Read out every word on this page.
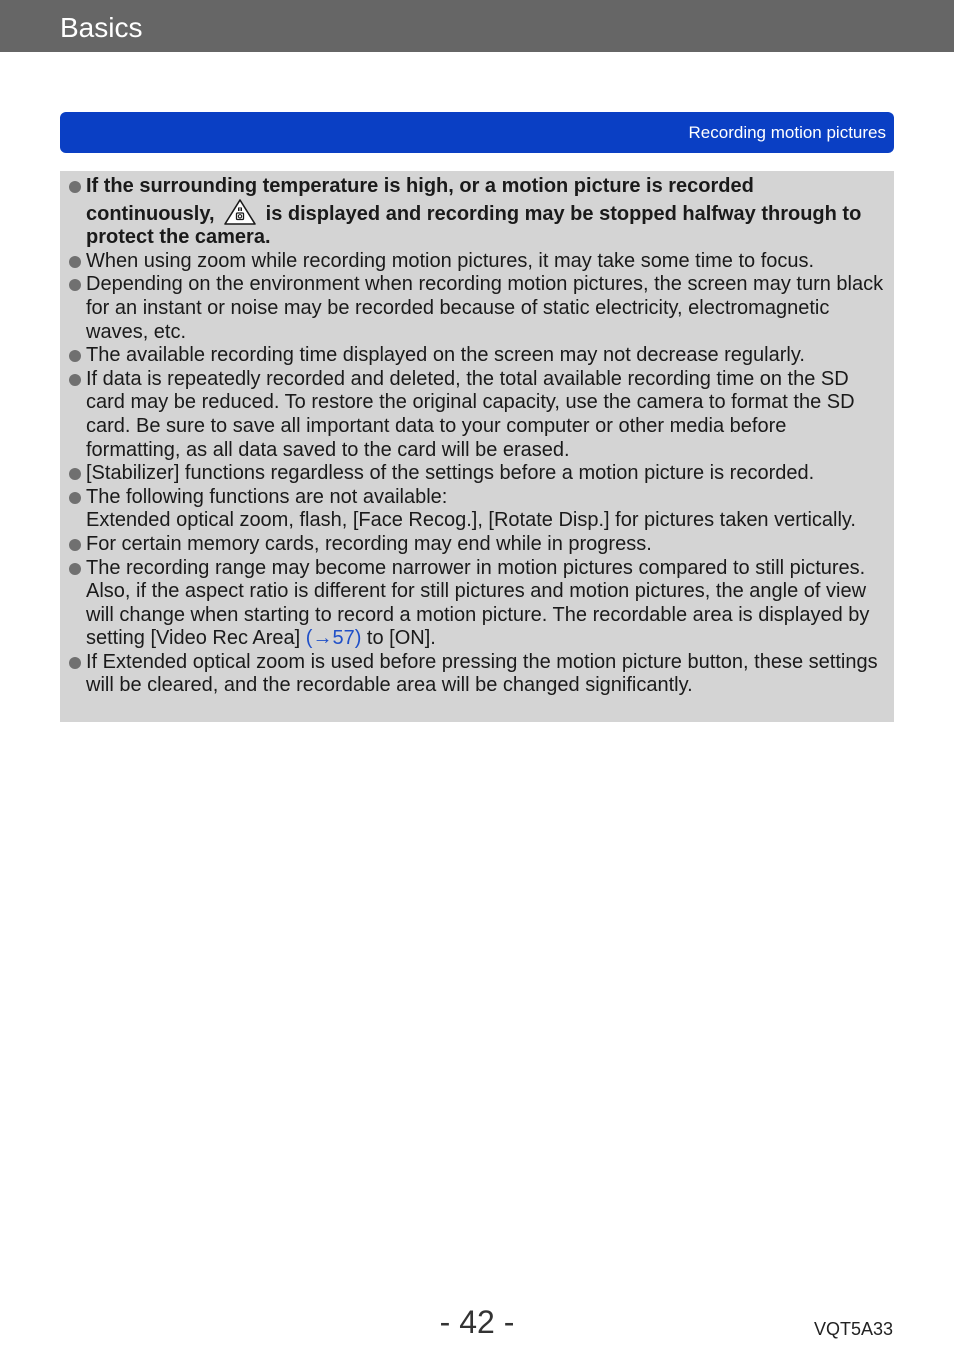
Basics
Recording motion pictures
If the surrounding temperature is high, or a motion picture is recorded continuously,	is displayed and recording may be stopped halfway through to protect the camera.
When using zoom while recording motion pictures, it may take some time to focus.
Depending on the environment when recording motion pictures, the screen may turn black for an instant or noise may be recorded because of static electricity, electromagnetic waves, etc.
The available recording time displayed on the screen may not decrease regularly.
If data is repeatedly recorded and deleted, the total available recording time on the SD card may be reduced. To restore the original capacity, use the camera to format the SD card. Be sure to save all important data to your computer or other media before formatting, as all data saved to the card will be erased.
[Stabilizer] functions regardless of the settings before a motion picture is recorded.
The following functions are not available:
Extended optical zoom, flash, [Face Recog.], [Rotate Disp.] for pictures taken vertically.
For certain memory cards, recording may end while in progress.
The recording range may become narrower in motion pictures compared to still pictures. Also, if the aspect ratio is different for still pictures and motion pictures, the angle of view will change when starting to record a motion picture. The recordable area is displayed by setting [Video Rec Area] (→57) to [ON].
If Extended optical zoom is used before pressing the motion picture button, these settings will be cleared, and the recordable area will be changed significantly.
- 42 -	VQT5A33
